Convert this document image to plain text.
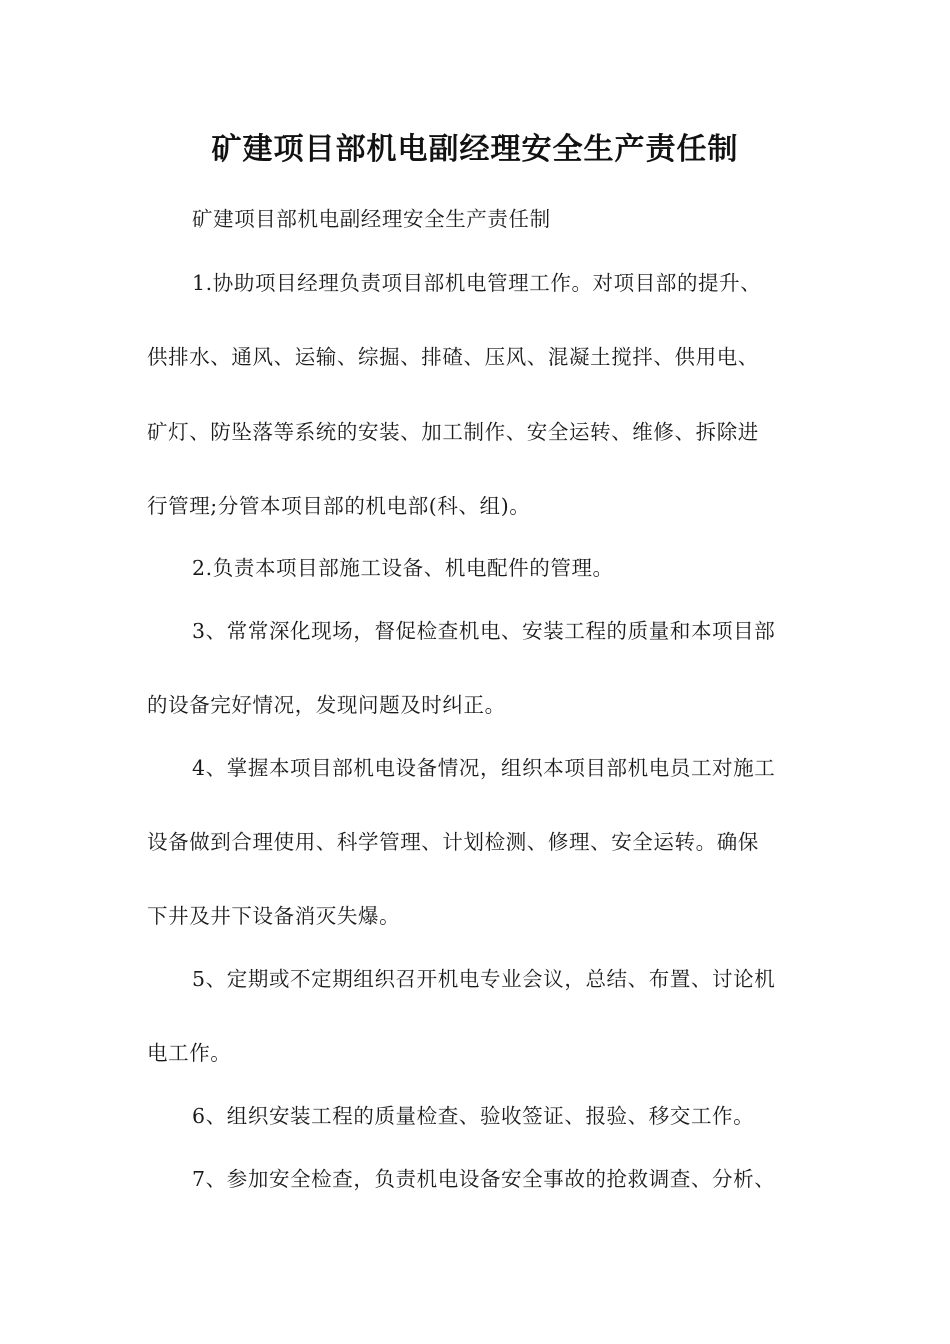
矿建项目部机电副经理安全生产责任制
矿建项目部机电副经理安全生产责任制
1.协助项目经理负责项目部机电管理工作。对项目部的提升、
供排水、通风、运输、综掘、排碴、压风、混凝土搅拌、供用电、
矿灯、防坠落等系统的安装、加工制作、安全运转、维修、拆除进
行管理;分管本项目部的机电部(科、组)。
2.负责本项目部施工设备、机电配件的管理。
3、常常深化现场，督促检查机电、安装工程的质量和本项目部
的设备完好情况，发现问题及时纠正。
4、掌握本项目部机电设备情况，组织本项目部机电员工对施工
设备做到合理使用、科学管理、计划检测、修理、安全运转。确保
下井及井下设备消灭失爆。
5、定期或不定期组织召开机电专业会议，总结、布置、讨论机
电工作。
6、组织安装工程的质量检查、验收签证、报验、移交工作。
7、参加安全检查，负责机电设备安全事故的抢救调查、分析、
